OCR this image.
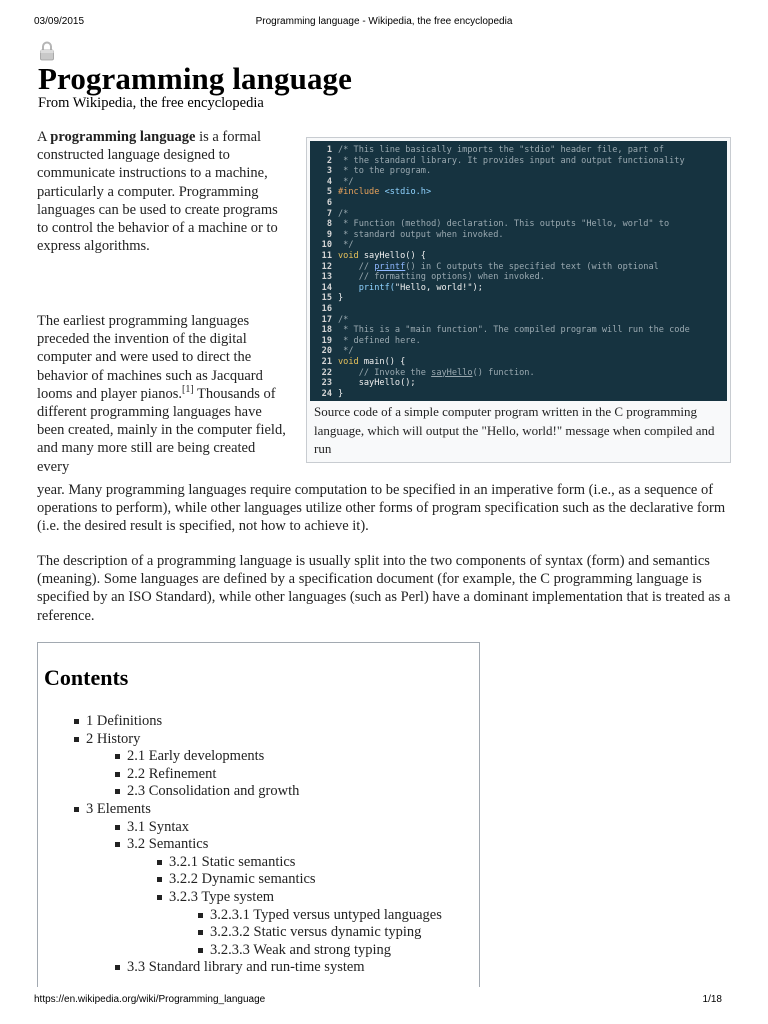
03/09/2015	Programming language - Wikipedia, the free encyclopedia
Programming language
From Wikipedia, the free encyclopedia
A programming language is a formal constructed language designed to communicate instructions to a machine, particularly a computer. Programming languages can be used to create programs to control the behavior of a machine or to express algorithms.
The earliest programming languages preceded the invention of the digital computer and were used to direct the behavior of machines such as Jacquard looms and player pianos.[1] Thousands of different programming languages have been created, mainly in the computer field, and many more still are being created every
year. Many programming languages require computation to be specified in an imperative form (i.e., as a sequence of operations to perform), while other languages utilize other forms of program specification such as the declarative form (i.e. the desired result is specified, not how to achieve it).
The description of a programming language is usually split into the two components of syntax (form) and semantics (meaning). Some languages are defined by a specification document (for example, the C programming language is specified by an ISO Standard), while other languages (such as Perl) have a dominant implementation that is treated as a reference.
1 /* This line basically imports the "stdio" header file, part of
2 * the standard library. It provides input and output functionality
3 * to the program.
4 */
5 #include <stdio.h>
6
7 /*
8 * Function (method) declaration. This outputs "Hello, world" to
9 * standard output when invoked.
10 */
11 void sayHello() {
12    // printf() in C outputs the specified text (with optional
13    // formatting options) when invoked.
14    printf("Hello, world!");
15 }
16
17 /*
18 * This is a "main function". The compiled program will run the code
19 * defined here.
20 */
21 void main() {
22    // Invoke the sayHello() function.
23    sayHello();
24 }
Source code of a simple computer program written in the C programming language, which will output the "Hello, world!" message when compiled and run
Contents
1 Definitions
2 History
2.1 Early developments
2.2 Refinement
2.3 Consolidation and growth
3 Elements
3.1 Syntax
3.2 Semantics
3.2.1 Static semantics
3.2.2 Dynamic semantics
3.2.3 Type system
3.2.3.1 Typed versus untyped languages
3.2.3.2 Static versus dynamic typing
3.2.3.3 Weak and strong typing
3.3 Standard library and run-time system
https://en.wikipedia.org/wiki/Programming_language	1/18
